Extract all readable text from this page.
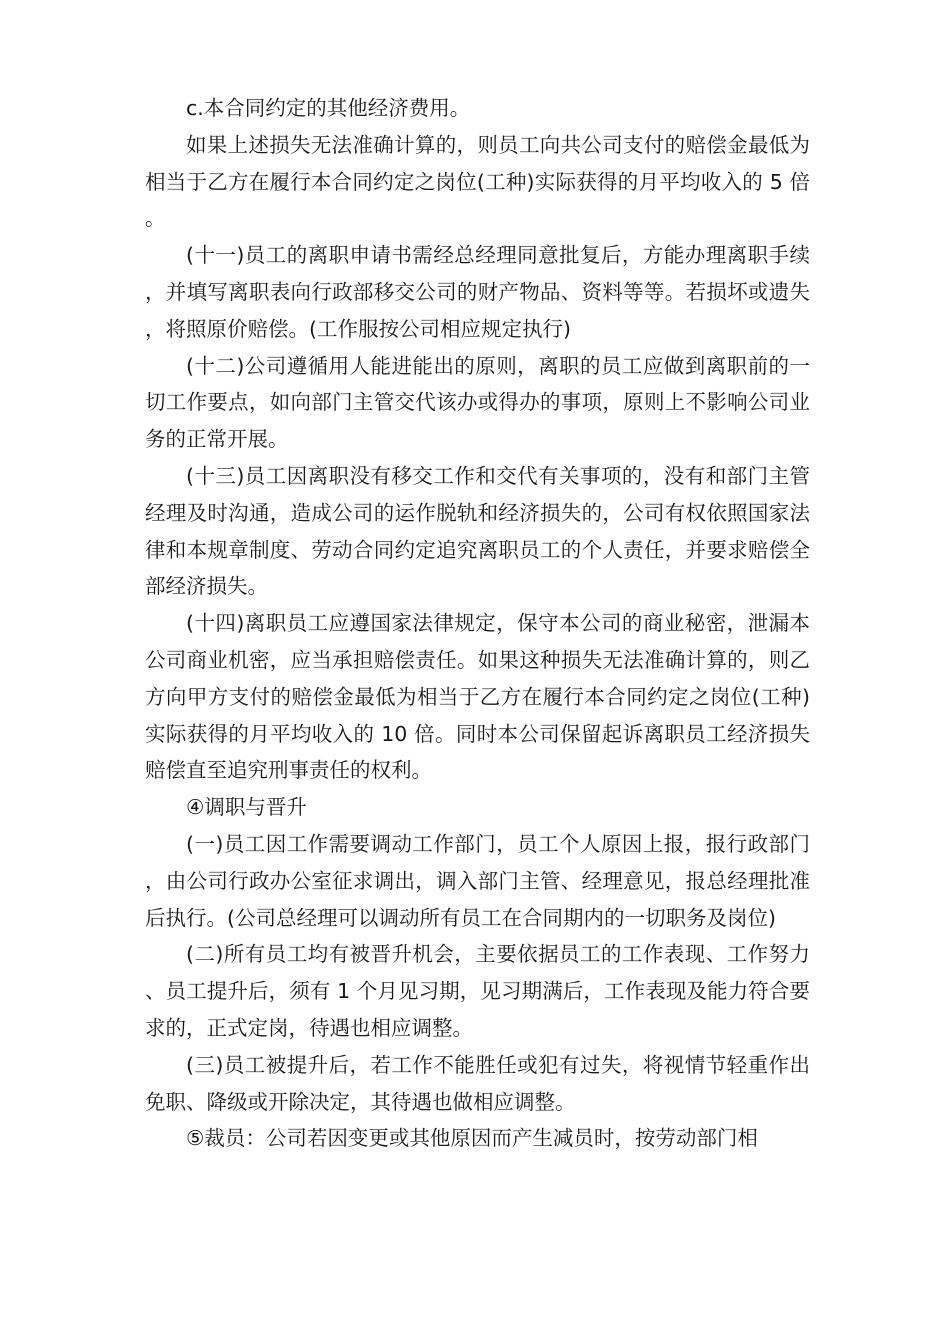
c.本合同约定的其他经济费用。

如果上述损失无法准确计算的，则员工向共公司支付的赔偿金最低为相当于乙方在履行本合同约定之岗位(工种)实际获得的月平均收入的 5 倍。

(十一)员工的离职申请书需经总经理同意批复后，方能办理离职手续，并填写离职表向行政部移交公司的财产物品、资料等等。若损坏或遗失，将照原价赔偿。(工作服按公司相应规定执行)

(十二)公司遵循用人能进能出的原则，离职的员工应做到离职前的一切工作要点，如向部门主管交代该办或得办的事项，原则上不影响公司业务的正常开展。

(十三)员工因离职没有移交工作和交代有关事项的，没有和部门主管经理及时沟通，造成公司的运作脱轨和经济损失的，公司有权依照国家法律和本规章制度、劳动合同约定追究离职员工的个人责任，并要求赔偿全部经济损失。

(十四)离职员工应遵国家法律规定，保守本公司的商业秘密，泄漏本公司商业机密，应当承担赔偿责任。如果这种损失无法准确计算的，则乙方向甲方支付的赔偿金最低为相当于乙方在履行本合同约定之岗位(工种)实际获得的月平均收入的 10 倍。同时本公司保留起诉离职员工经济损失赔偿直至追究刑事责任的权利。

④调职与晋升

(一)员工因工作需要调动工作部门，员工个人原因上报，报行政部门，由公司行政办公室征求调出，调入部门主管、经理意见，报总经理批准后执行。(公司总经理可以调动所有员工在合同期内的一切职务及岗位)

(二)所有员工均有被晋升机会，主要依据员工的工作表现、工作努力、员工提升后，须有 1 个月见习期，见习期满后，工作表现及能力符合要求的，正式定岗，待遇也相应调整。

(三)员工被提升后，若工作不能胜任或犯有过失，将视情节轻重作出免职、降级或开除决定，其待遇也做相应调整。

⑤裁员：公司若因变更或其他原因而产生减员时，按劳动部门相
